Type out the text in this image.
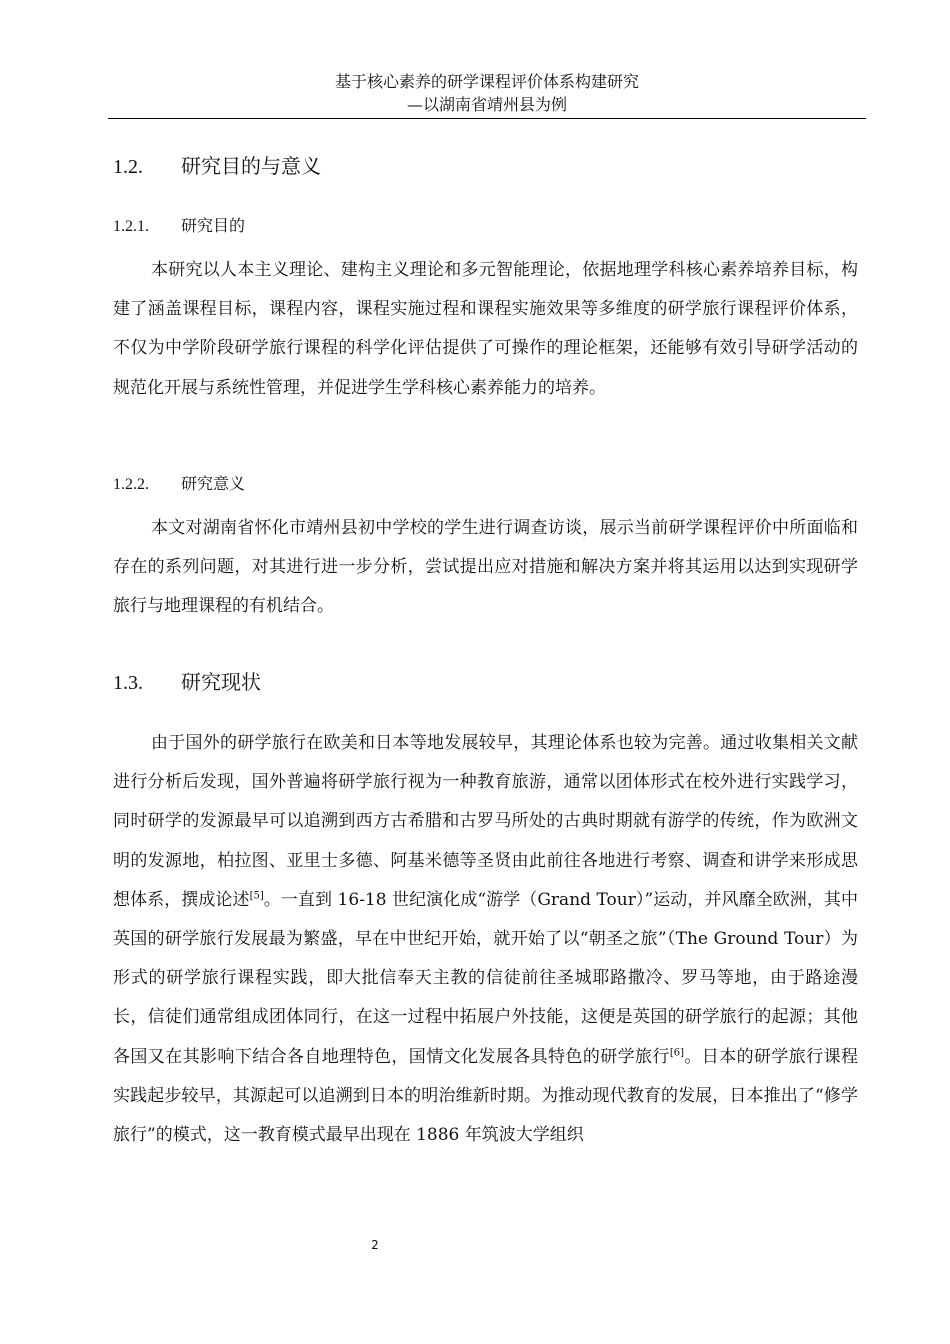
基于核心素养的研学课程评价体系构建研究
—以湖南省靖州县为例
1.2. 研究目的与意义
1.2.1. 研究目的

本研究以人本主义理论、建构主义理论和多元智能理论，依据地理学科核心素养培养目标，构建了涵盖课程目标，课程内容，课程实施过程和课程实施效果等多维度的研学旅行课程评价体系，不仅为中学阶段研学旅行课程的科学化评估提供了可操作的理论框架，还能够有效引导研学活动的规范化开展与系统性管理，并促进学生学科核心素养能力的培养。

1.2.2. 研究意义

本文对湖南省怀化市靖州县初中学校的学生进行调查访谈，展示当前研学课程评价中所面临和存在的系列问题，对其进行进一步分析，尝试提出应对措施和解决方案并将其运用以达到实现研学旅行与地理课程的有机结合。

1.3. 研究现状

由于国外的研学旅行在欧美和日本等地发展较早，其理论体系也较为完善。通过收集相关文献进行分析后发现，国外普遍将研学旅行视为一种教育旅游，通常以团体形式在校外进行实践学习，同时研学的发源最早可以追溯到西方古希腊和古罗马所处的古典时期就有游学的传统，作为欧洲文明的发源地，柏拉图、亚里士多德、阿基米德等圣贤由此前往各地进行考察、调查和讲学来形成思想体系，撰成论述[5]。一直到 16-18 世纪演化成“游学（Grand Tour）”运动，并风靡全欧洲，其中英国的研学旅行发展最为繁盛，早在中世纪开始，就开始了以“朝圣之旅”（The Ground Tour）为形式的研学旅行课程实践，即大批信奉天主教的信徒前往圣城耶路撒冷、罗马等地，由于路途漫长，信徒们通常组成团体同行，在这一过程中拓展户外技能，这便是英国的研学旅行的起源；其他各国又在其影响下结合各自地理特色，国情文化发展各具特色的研学旅行[6]。日本的研学旅行课程实践起步较早，其源起可以追溯到日本的明治维新时期。为推动现代教育的发展，日本推出了“修学旅行”的模式，这一教育模式最早出现在 1886 年筑波大学组织

2
